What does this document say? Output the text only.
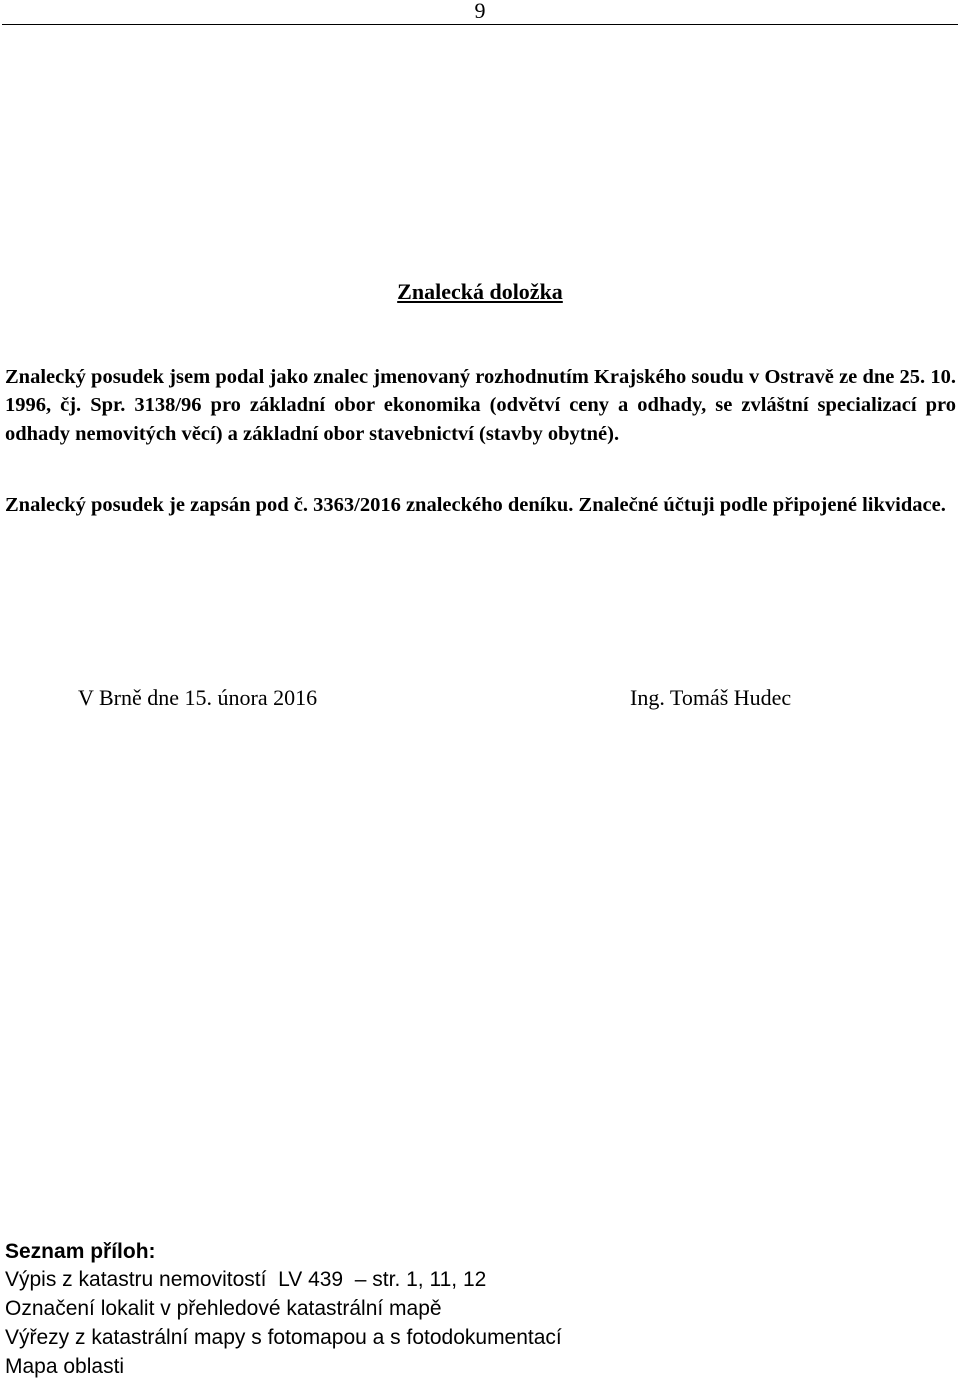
9
Znalecká doložka

Znalecký posudek jsem podal jako znalec jmenovaný rozhodnutím Krajského soudu v Ostravě ze dne 25. 10. 1996, čj. Spr. 3138/96 pro základní obor ekonomika (odvětví ceny a odhady, se zvláštní specializací pro odhady nemovitých věcí) a základní obor stavebnictví (stavby obytné).

Znalecký posudek je zapsán pod č. 3363/2016 znaleckého deníku. Znalečné účtuji podle připojené likvidace.

V Brně dne 15. února 2016	Ing. Tomáš Hudec
Seznam příloh:
Výpis z katastru nemovitostí  LV 439  – str. 1, 11, 12
Označení lokalit v přehledové katastrální mapě
Výřezy z katastrální mapy s fotomapou a s fotodokumentací
Mapa oblasti
